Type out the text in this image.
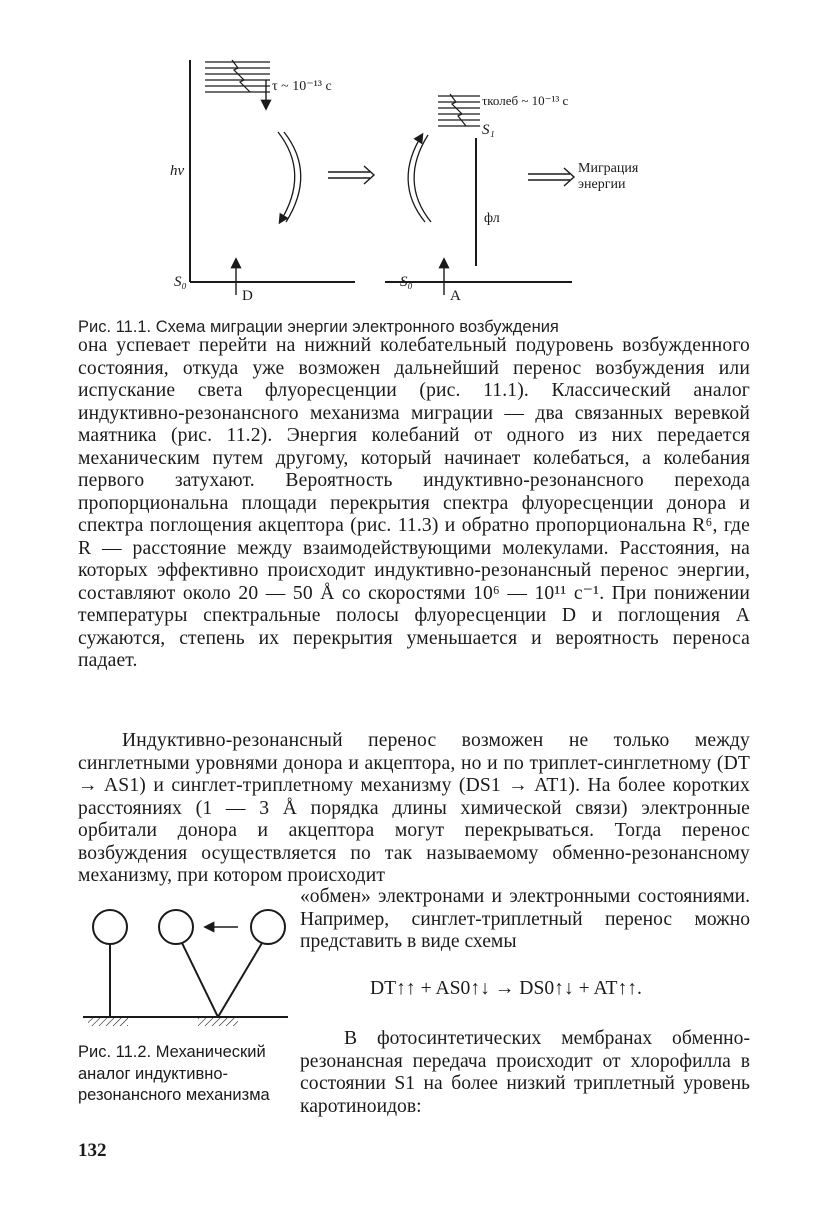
τ ~ 10⁻¹³ с
hν
S₀
D
τколеб ~ 10⁻¹³ с
S₁
фл
Миграция
энергии
S₀
A
Рис. 11.1. Схема миграции энергии электронного возбуждения

она успевает перейти на нижний колебательный подуровень возбужденного состояния, откуда уже возможен дальнейший перенос возбуждения или испускание света флуоресценции (рис. 11.1). Классический аналог индуктивно-резонансного механизма миграции — два связанных веревкой маятника (рис. 11.2). Энергия колебаний от одного из них передается механическим путем другому, который начинает колебаться, а колебания первого затухают. Вероятность индуктивно-резонансного перехода пропорциональна площади перекрытия спектра флуоресценции донора и спектра поглощения акцептора (рис. 11.3) и обратно пропорциональна R⁶, где R — расстояние между взаимодействующими молекулами. Расстояния, на которых эффективно происходит индуктивно-резонансный перенос энергии, составляют около 20 — 50 Å со скоростями 10⁶ — 10¹¹ с⁻¹. При понижении температуры спектральные полосы флуоресценции D и поглощения A сужаются, степень их перекрытия уменьшается и вероятность переноса падает.

Индуктивно-резонансный перенос возможен не только между синглетными уровнями донора и акцептора, но и по триплет-синглетному (DT → AS1) и синглет-триплетному механизму (DS1 → AT1). На более коротких расстояниях (1 — 3 Å порядка длины химической связи) электронные орбитали донора и акцептора могут перекрываться. Тогда перенос возбуждения осуществляется по так называемому обменно-резонансному механизму, при котором происходит

Рис. 11.2. Механический аналог индуктивно-резонансного механизма
«обмен» электронами и электронными состояниями. Например, синглет-триплетный перенос можно представить в виде схемы
DT↑↑ + AS0↑↓ → DS0↑↓ + AT↑↑.
В фотосинтетических мембранах обменно-резонансная передача происходит от хлорофилла в состоянии S1 на более низкий триплетный уровень каротиноидов:
132
